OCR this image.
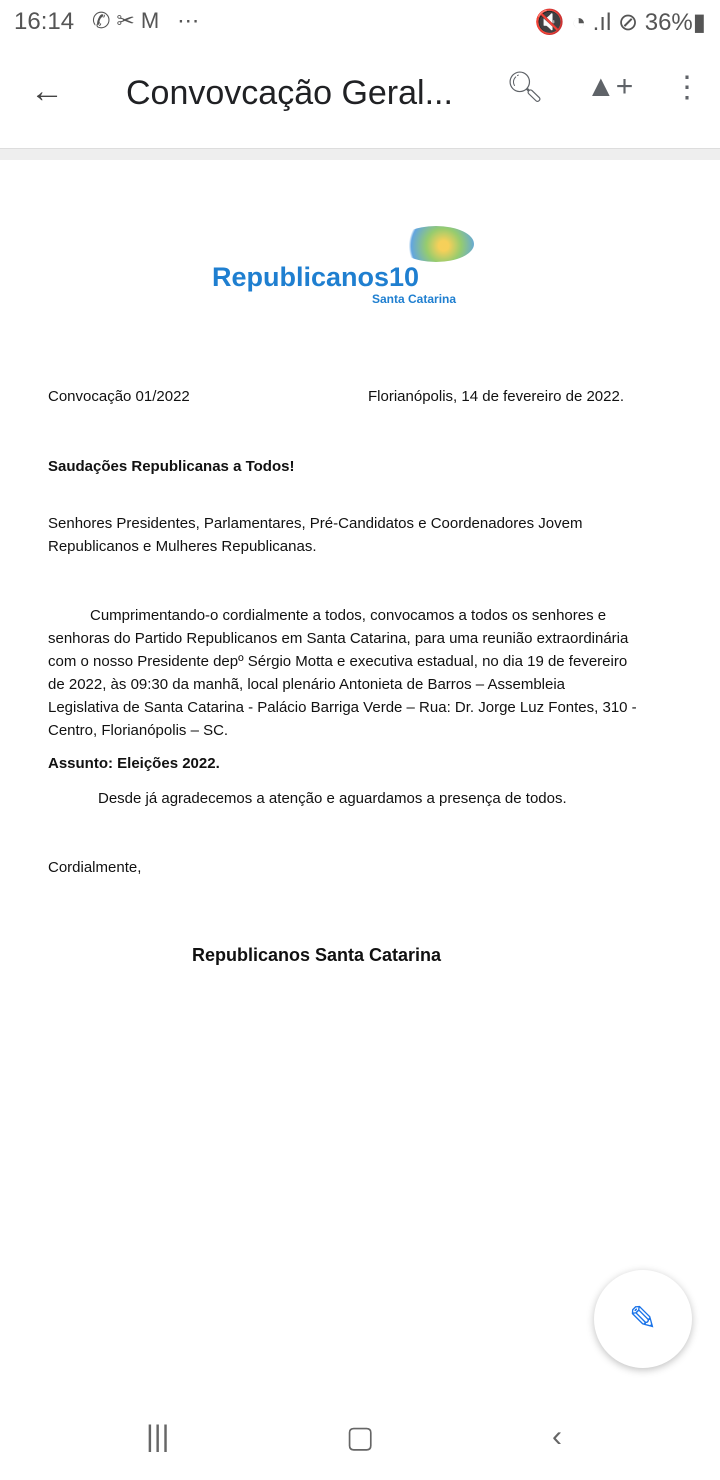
16:14 ✆✂M ⋯	🔇 ◔ .ıl ⊘ 36%▮
← Convovcação Geral... 🔍︎ ▲+ ⋮
Republicanos10
Santa Catarina
Convocação 01/2022	Florianópolis, 14 de fevereiro de 2022.
Saudações Republicanas a Todos!
Senhores Presidentes, Parlamentares, Pré-Candidatos e Coordenadores Jovem
Republicanos e Mulheres Republicanas.
Cumprimentando-o cordialmente a todos, convocamos a todos os senhores e
senhoras do Partido Republicanos em Santa Catarina, para uma reunião extraordinária
com o nosso Presidente depº Sérgio Motta e executiva estadual, no dia 19 de fevereiro
de 2022, às 09:30 da manhã, local plenário Antonieta de Barros – Assembleia
Legislativa de Santa Catarina - Palácio Barriga Verde – Rua: Dr. Jorge Luz Fontes, 310 -
Centro, Florianópolis – SC.
Assunto: Eleições 2022.
Desde já agradecemos a atenção e aguardamos a presença de todos.
Cordialmente,
Republicanos Santa Catarina
✎
|||	▢	‹
